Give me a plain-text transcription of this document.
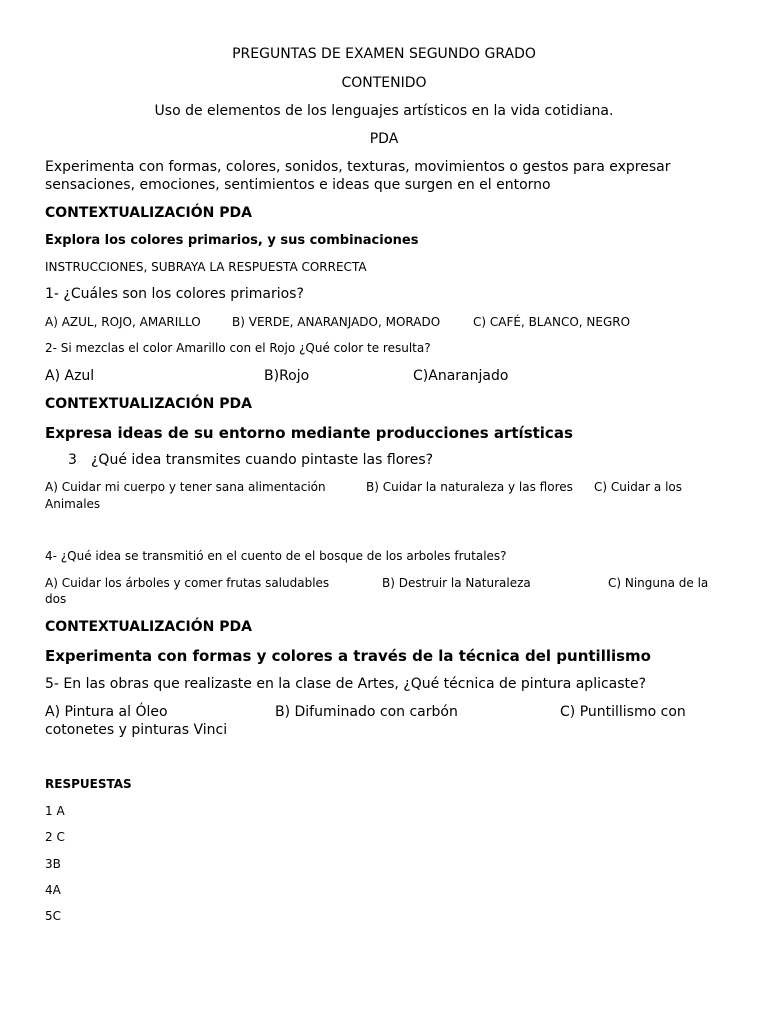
PREGUNTAS DE EXAMEN SEGUNDO GRADO
CONTENIDO
Uso de elementos de los lenguajes artísticos en la vida cotidiana.
PDA
Experimenta con formas, colores, sonidos, texturas, movimientos o gestos para expresar
sensaciones, emociones, sentimientos e ideas que surgen en el entorno
CONTEXTUALIZACIÓN PDA
Explora los colores primarios, y sus combinaciones
INSTRUCCIONES, SUBRAYA LA RESPUESTA CORRECTA
1- ¿Cuáles son los colores primarios?
A) AZUL, ROJO, AMARILLO	B) VERDE, ANARANJADO, MORADO	C) CAFÉ, BLANCO, NEGRO
2- Si mezclas el color Amarillo con el Rojo ¿Qué color te resulta?
A) Azul	B)Rojo	C)Anaranjado
CONTEXTUALIZACIÓN PDA
Expresa ideas de su entorno mediante producciones artísticas
3 ¿Qué idea transmites cuando pintaste las flores?
A) Cuidar mi cuerpo y tener sana alimentación	B) Cuidar la naturaleza y las flores C) Cuidar a los
Animales
4- ¿Qué idea se transmitió en el cuento de el bosque de los arboles frutales?
A) Cuidar los árboles y comer frutas saludables	B) Destruir la Naturaleza	C) Ninguna de la
dos
CONTEXTUALIZACIÓN PDA
Experimenta con formas y colores a través de la técnica del puntillismo
5- En las obras que realizaste en la clase de Artes, ¿Qué técnica de pintura aplicaste?
A) Pintura al Óleo	B) Difuminado con carbón	C) Puntillismo con
cotonetes y pinturas Vinci
RESPUESTAS
1 A
2 C
3B
4A
5C
